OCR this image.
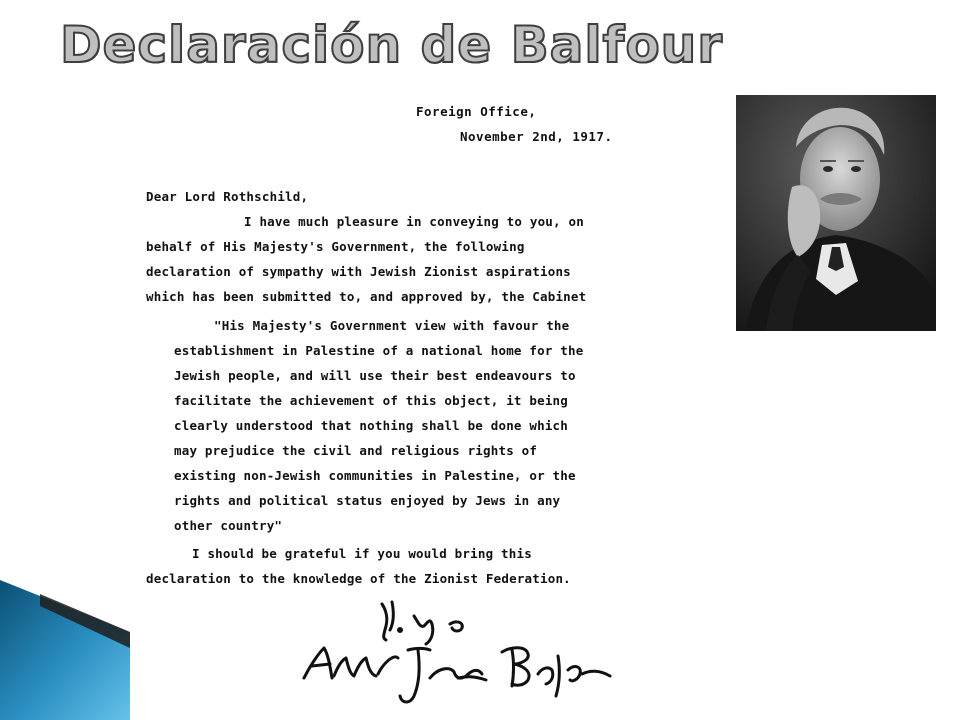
Declaración de Balfour
Foreign Office,
November 2nd, 1917.
Dear Lord Rothschild,
I have much pleasure in conveying to you, on
behalf of His Majesty's Government, the following
declaration of sympathy with Jewish Zionist aspirations
which has been submitted to, and approved by, the Cabinet
"His Majesty's Government view with favour the
establishment in Palestine of a national home for the
Jewish people, and will use their best endeavours to
facilitate the achievement of this object, it being
clearly understood that nothing shall be done which
may prejudice the civil and religious rights of
existing non-Jewish communities in Palestine, or the
rights and political status enjoyed by Jews in any
other country"
I should be grateful if you would bring this
declaration to the knowledge of the Zionist Federation.
